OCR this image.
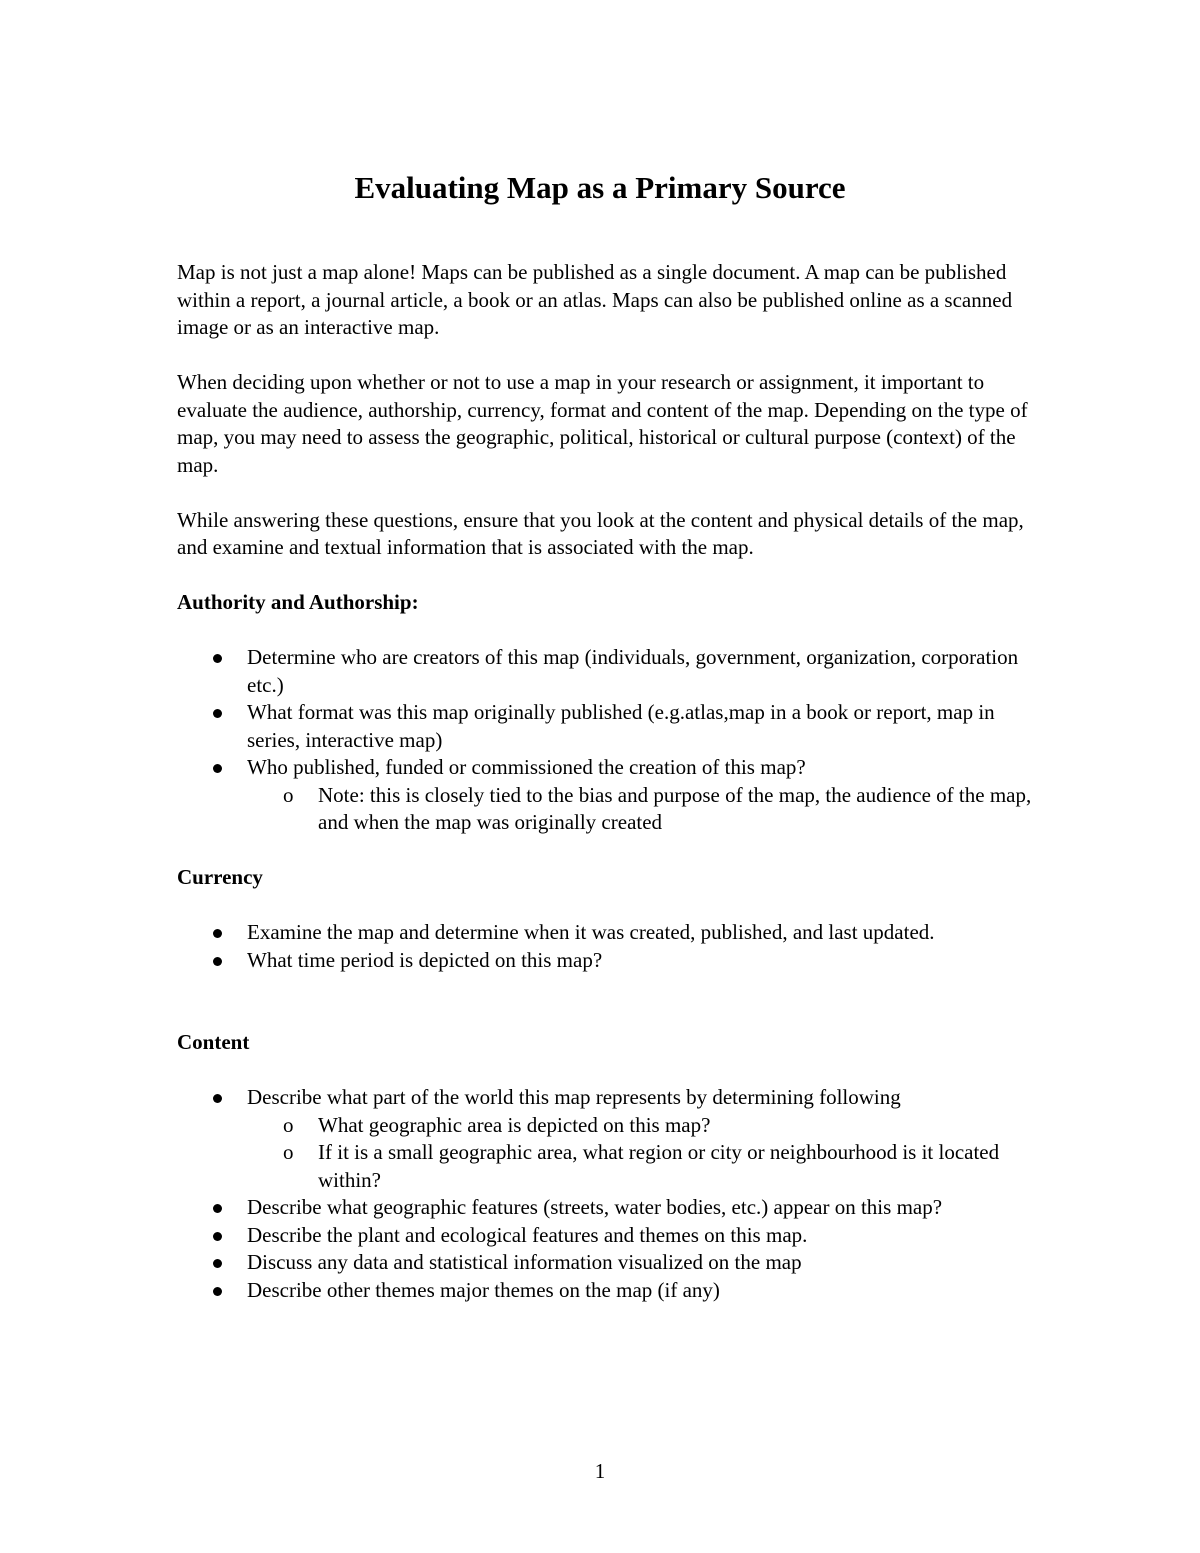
Evaluating Map as a Primary Source

Map is not just a map alone! Maps can be published as a single document. A map can be published within a report, a journal article, a book or an atlas. Maps can also be published online as a scanned image or as an interactive map.

When deciding upon whether or not to use a map in your research or assignment, it important to evaluate the audience, authorship, currency, format and content of the map. Depending on the type of map, you may need to assess the geographic, political, historical or cultural purpose (context) of the map.

While answering these questions, ensure that you look at the content and physical details of the map, and examine and textual information that is associated with the map.

Authority and Authorship:

Determine who are creators of this map (individuals, government, organization, corporation etc.)
What format was this map originally published (e.g.atlas,map in a book or report, map in series, interactive map)
Who published, funded or commissioned the creation of this map?
o Note: this is closely tied to the bias and purpose of the map, the audience of the map, and when the map was originally created

Currency

Examine the map and determine when it was created, published, and last updated.
What time period is depicted on this map?

Content

Describe what part of the world this map represents by determining following
o What geographic area is depicted on this map?
o If it is a small geographic area, what region or city or neighbourhood is it located within?
Describe what geographic features (streets, water bodies, etc.) appear on this map?
Describe the plant and ecological features and themes on this map.
Discuss any data and statistical information visualized on the map
Describe other themes major themes on the map (if any)
1
